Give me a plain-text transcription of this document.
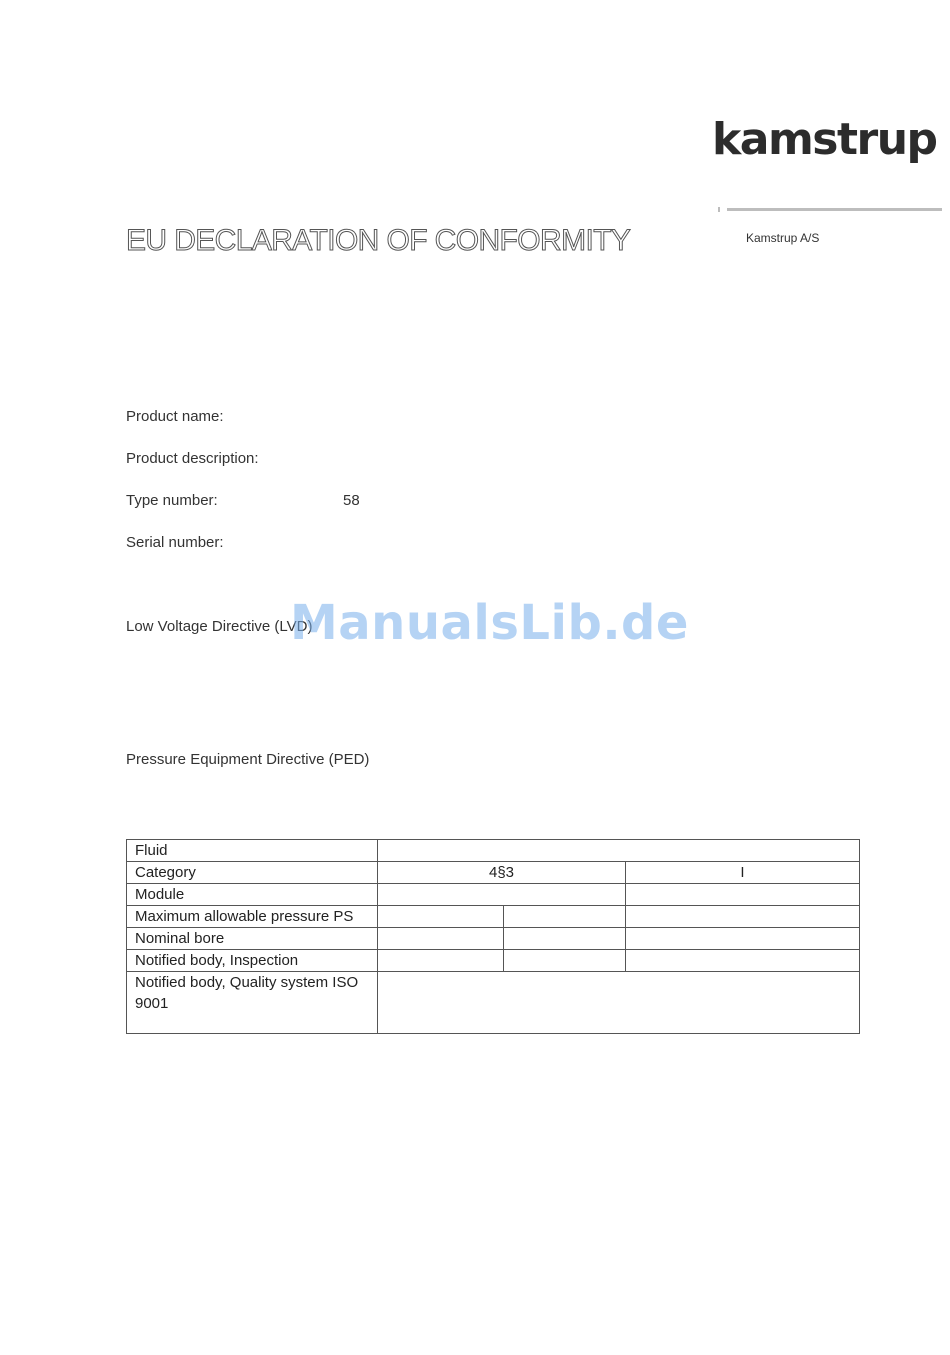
kamstrup
Kamstrup A/S
EU DECLARATION OF CONFORMITY
Product name:
Product description:
Type number:	58
Serial number:
Low Voltage Directive (LVD)
Pressure Equipment Directive (PED)
ManualsLib.de
Fluid			
Category	4§3		I
Module			
Maximum allowable pressure PS			
Nominal bore			
Notified body, Inspection			
Notified body, Quality system ISO 9001			
